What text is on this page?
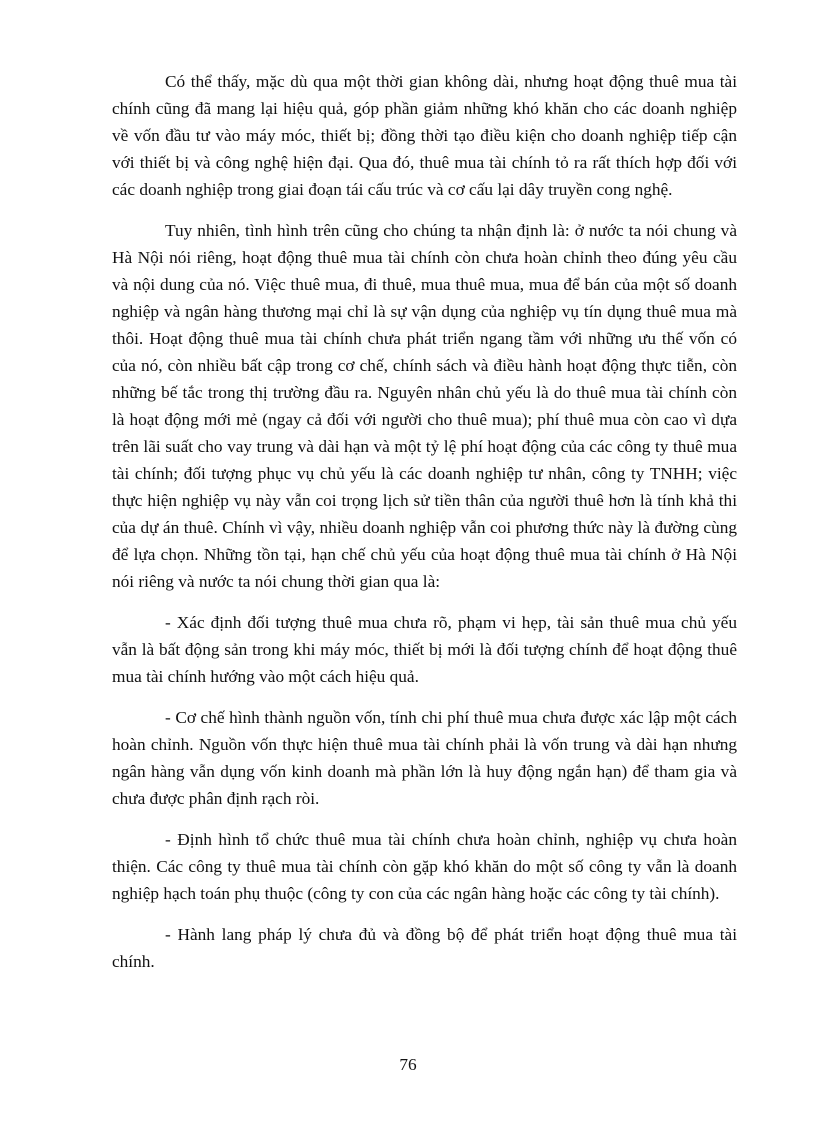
Có thể thấy, mặc dù qua một thời gian không dài, nhưng hoạt động thuê mua tài chính cũng đã mang lại hiệu quả, góp phần giảm những khó khăn cho các doanh nghiệp về vốn đầu tư vào máy móc, thiết bị; đồng thời tạo điều kiện cho doanh nghiệp tiếp cận với thiết bị và công nghệ hiện đại. Qua đó, thuê mua tài chính tỏ ra rất thích hợp đối với các doanh nghiệp trong giai đoạn tái cấu trúc và cơ cấu lại dây truyền cong nghệ.

Tuy nhiên, tình hình trên cũng cho chúng ta nhận định là: ở nước ta nói chung và Hà Nội nói riêng, hoạt động thuê mua tài chính còn chưa hoàn chỉnh theo đúng yêu cầu và nội dung của nó. Việc thuê mua, đi thuê, mua thuê mua, mua để bán của một số doanh nghiệp và ngân hàng thương mại chỉ là sự vận dụng của nghiệp vụ tín dụng thuê mua mà thôi. Hoạt động thuê mua tài chính chưa phát triển ngang tầm với những ưu thế vốn có của nó, còn nhiều bất cập trong cơ chế, chính sách và điều hành hoạt động thực tiễn, còn những bế tắc trong thị trường đầu ra. Nguyên nhân chủ yếu là do thuê mua tài chính còn là hoạt động mới mẻ (ngay cả đối với người cho thuê mua); phí thuê mua còn cao vì dựa trên lãi suất cho vay trung và dài hạn và một tỷ lệ phí hoạt động của các công ty thuê mua tài chính; đối tượng phục vụ chủ yếu là các doanh nghiệp tư nhân, công ty TNHH; việc thực hiện nghiệp vụ này vẫn coi trọng lịch sử tiền thân của người thuê hơn là tính khả thi của dự án thuê. Chính vì vậy, nhiều doanh nghiệp vẫn coi phương thức này là đường cùng để lựa chọn. Những tồn tại, hạn chế chủ yếu của hoạt động thuê mua tài chính ở Hà Nội nói riêng và nước ta nói chung thời gian qua là:

- Xác định đối tượng thuê mua chưa rõ, phạm vi hẹp, tài sản thuê mua chủ yếu vẫn là bất động sản trong khi máy móc, thiết bị mới là đối tượng chính để hoạt động thuê mua tài chính hướng vào một cách hiệu quả.

- Cơ chế hình thành nguồn vốn, tính chi phí thuê mua chưa được xác lập một cách hoàn chỉnh. Nguồn vốn thực hiện thuê mua tài chính phải là vốn trung và dài hạn nhưng ngân hàng vẫn dụng vốn kinh doanh mà phần lớn là huy động ngắn hạn) để tham gia và chưa được phân định rạch ròi.

- Định hình tổ chức thuê mua tài chính chưa hoàn chỉnh, nghiệp vụ chưa hoàn thiện. Các công ty thuê mua tài chính còn gặp khó khăn do một số công ty vẫn là doanh nghiệp hạch toán phụ thuộc (công ty con của các ngân hàng hoặc các công ty tài chính).

- Hành lang pháp lý chưa đủ và đồng bộ để phát triển hoạt động thuê mua tài chính.

76
